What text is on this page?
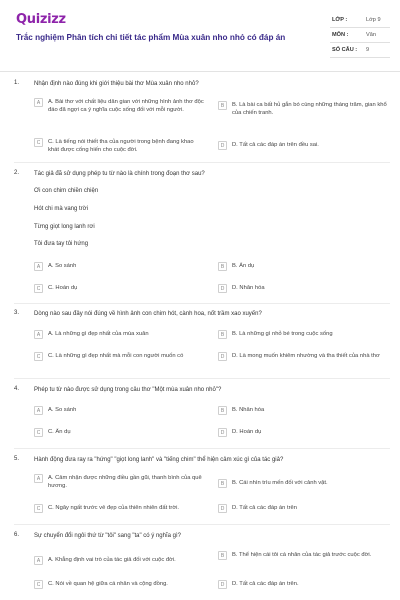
Quizizz
Trắc nghiệm Phân tích chi tiết tác phẩm Mùa xuân nho nhỏ có đáp án
LỚP :	Lớp 9
MÔN :	Văn
SỐ CÂU : 9
1. Nhận định nào đúng khi giới thiệu bài thơ Mùa xuân nho nhỏ?
A	A. Bài thơ với chất liệu dân gian với những hình ảnh thơ độc đáo đã ngợi ca ý nghĩa cuộc sống đối với mỗi người.
B	B. Là bài ca bất hủ gắn bó cùng những tháng trăm, gian khổ của chiến tranh.
C	C. Là tiếng nói thiết tha của người trong bệnh đang khao khát được cống hiến cho cuộc đời.
D	D. Tất cả các đáp án trên đều sai.
2. Tác giả đã sử dụng phép tu từ nào là chính trong đoạn thơ sau?
Ơi con chim chiền chiện
Hót chi mà vang trời
Từng giọt long lanh rơi
Tôi đưa tay tôi hứng
A	A. So sánh	B	B. Ẩn dụ
C	C. Hoán dụ	D	D. Nhân hóa
3. Dòng nào sau đây nói đúng về hình ảnh con chim hót, cành hoa, nốt trầm xao xuyến?
A	A. Là những gì đẹp nhất của mùa xuân	B	B. Là những gì nhỏ bé trong cuộc sống
C	C. Là những gì đẹp nhất mà mỗi con người muốn có	D	D. Là mong muốn khiêm nhường và tha thiết của nhà thơ
4. Phép tu từ nào được sử dụng trong câu thơ "Một mùa xuân nho nhỏ"?
A	A. So sánh	B	B. Nhân hóa
C	C. Ẩn dụ	D	D. Hoán dụ
5. Hành động đưa ray ra "hứng" "giọt long lanh" và "tiếng chim" thể hiện cảm xúc gì của tác giả?
A	A. Cảm nhận được những điều gần gũi, thanh bình của quê hương.	B	B. Cái nhìn trìu mến đối với cảnh vật.
C	C. Ngây ngất trước vẻ đẹp của thiên nhiên đất trời.	D	D. Tất cả các đáp án trên
6. Sự chuyển đổi ngôi thứ từ "tôi" sang "ta" có ý nghĩa gì?
A	A. Khẳng định vai trò của tác giả đối với cuộc đời.
B	B. Thể hiện cái tôi cá nhân của tác giả trước cuộc đời.
C	C. Nói về quan hệ giữa cá nhân và cộng đồng.	D	D. Tất cả các đáp án trên.
